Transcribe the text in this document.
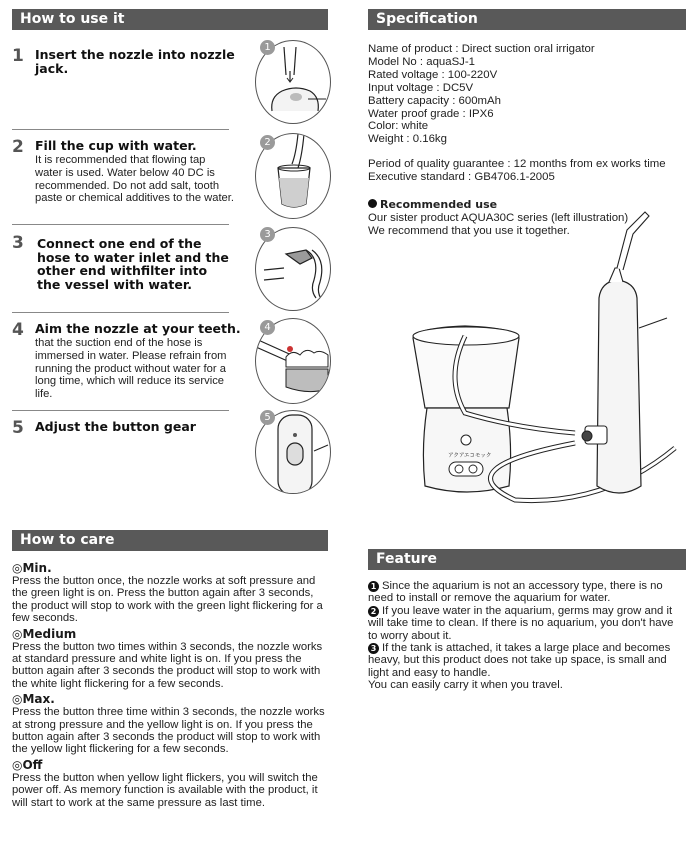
How to use it
1 Insert the nozzle into nozzle jack.
1
2 Fill the cup with water.
It is recommended that flowing tap water is used. Water below 40 DC is recommended. Do not add salt, tooth paste or chemical additives to the water.
2
3 Connect one end of the hose to water inlet and the other end withfilter into the vessel with water.
3
4 Aim the nozzle at your teeth.
that the suction end of the hose is immersed in water. Please refrain from running the product without water for a long time, which will reduce its service life.
4
5 Adjust the button gear
5
Specification
Name of product : Direct suction oral irrigator
Model No : aquaSJ-1
Rated voltage : 100-220V
Input voltage : DC5V
Battery capacity : 600mAh
Water proof grade : IPX6
Color: white
Weight : 0.16kg
Period of quality guarantee : 12 months from ex works time
Executive standard : GB4706.1-2005
Recommended use
Our sister product AQUA30C series (left illustration)
We recommend that you use it together.
アクアエコモック
How to care
◎Min.
Press the button once, the nozzle works at soft pressure and the green light is on. Press the button again after 3 seconds, the product will stop to work with the green light flickering for a few seconds.
◎Medium
Press the button two times within 3 seconds, the nozzle works at standard pressure and white light is on. If you press the button again after 3 seconds the product will stop to work with the white light flickering for a few seconds.
◎Max.
Press the button three time within 3 seconds, the nozzle works at strong pressure and the yellow light is on. If you press the button again after 3 seconds the product will stop to work with the yellow light flickering for a few seconds.
◎Off
Press the button when yellow light flickers, you will switch the power off. As memory function is available with the product, it will start to work at the same pressure as last time.
Feature
1 Since the aquarium is not an accessory type, there is no need to install or remove the aquarium for water.
2 If you leave water in the aquarium, germs may grow and it will take time to clean. If there is no aquarium, you don't have to worry about it.
3 If the tank is attached, it takes a large place and becomes heavy, but this product does not take up space, is small and light and easy to handle.
You can easily carry it when you travel.
